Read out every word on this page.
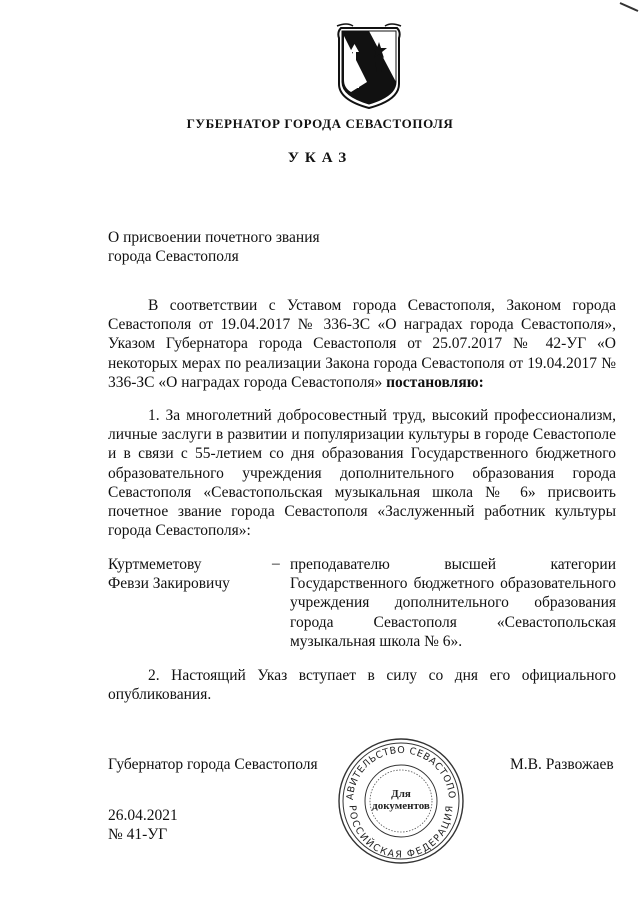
ГУБЕРНАТОР ГОРОДА СЕВАСТОПОЛЯ
УКАЗ
О присвоении почетного звания
города Севастополя
В соответствии с Уставом города Севастополя, Законом города Севастополя от 19.04.2017 № 336-ЗС «О наградах города Севастополя», Указом Губернатора города Севастополя от 25.07.2017 № 42-УГ «О некоторых мерах по реализации Закона города Севастополя от 19.04.2017 № 336-ЗС «О наградах города Севастополя» постановляю:
1. За многолетний добросовестный труд, высокий профессионализм, личные заслуги в развитии и популяризации культуры в городе Севастополе и в связи с 55-летием со дня образования Государственного бюджетного образовательного учреждения дополнительного образования города Севастополя «Севастопольская музыкальная школа № 6» присвоить почетное звание города Севастополя «Заслуженный работник культуры города Севастополя»:
Куртмеметову
Февзи Закировичу
– преподавателю высшей категории Государственного бюджетного образовательного учреждения дополнительного образования города Севастополя «Севастопольская музыкальная школа № 6».
2. Настоящий Указ вступает в силу со дня его официального опубликования.
Губернатор города Севастополя	М.В. Развожаев
АВИТЕЛЬСТВО СЕВАСТОПО
РОССИЙСКАЯ ФЕДЕРАЦИЯ
Для
документов
26.04.2021
№ 41-УГ
